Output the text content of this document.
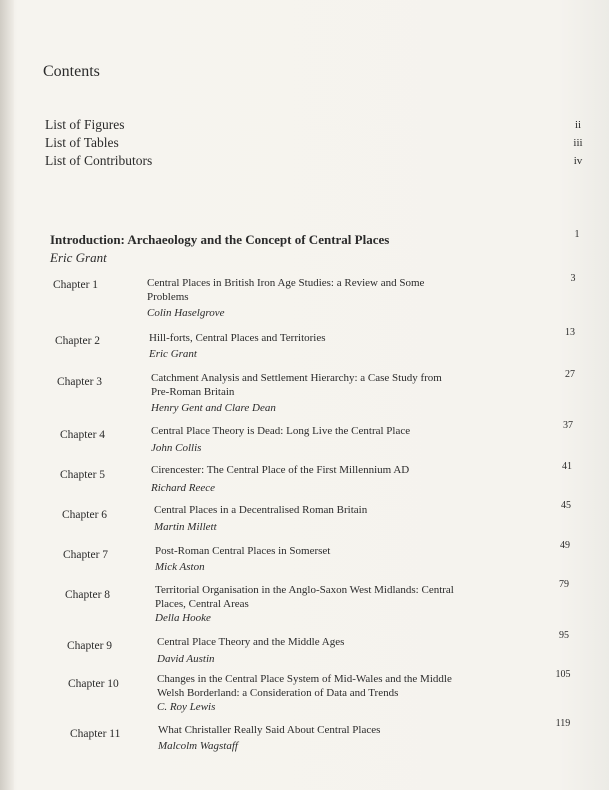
Contents
List of Figures	ii
List of Tables	iii
List of Contributors	iv
Introduction: Archaeology and the Concept of Central Places
Eric Grant
1
Chapter 1	Central Places in British Iron Age Studies: a Review and Some Problems
Colin Haselgrove
3
Chapter 2	Hill-forts, Central Places and Territories
Eric Grant
13
Chapter 3	Catchment Analysis and Settlement Hierarchy: a Case Study from Pre-Roman Britain
Henry Gent and Clare Dean
27
Chapter 4	Central Place Theory is Dead: Long Live the Central Place
John Collis
37
Chapter 5	Cirencester: The Central Place of the First Millennium AD
Richard Reece
41
Chapter 6	Central Places in a Decentralised Roman Britain
Martin Millett
45
Chapter 7	Post-Roman Central Places in Somerset
Mick Aston
49
Chapter 8	Territorial Organisation in the Anglo-Saxon West Midlands: Central Places, Central Areas
Della Hooke
79
Chapter 9	Central Place Theory and the Middle Ages
David Austin
95
Chapter 10	Changes in the Central Place System of Mid-Wales and the Middle Welsh Borderland: a Consideration of Data and Trends
C. Roy Lewis
105
Chapter 11	What Christaller Really Said About Central Places
Malcolm Wagstaff
119
